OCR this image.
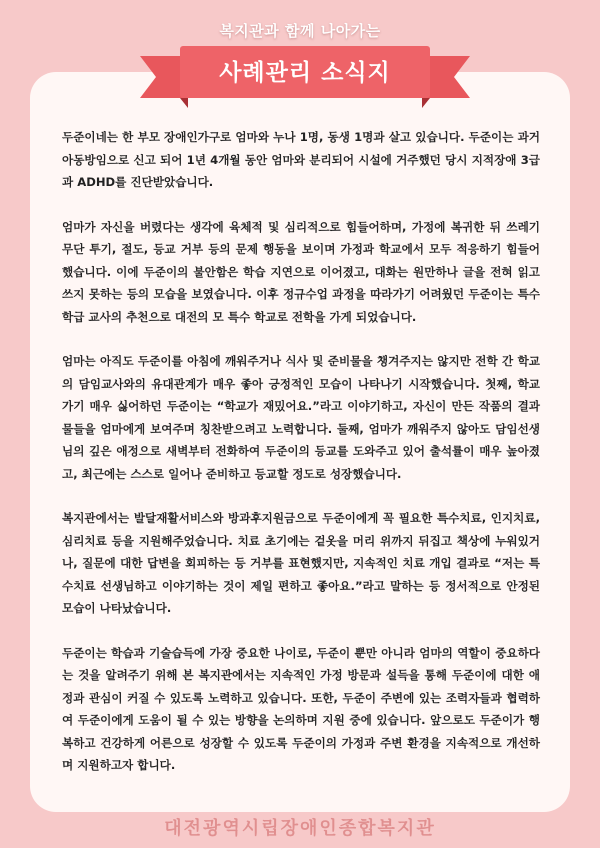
복지관과 함께 나아가는
사례관리 소식지

두준이네는 한 부모 장애인가구로 엄마와 누나 1명, 동생 1명과 살고 있습니다. 두준이는 과거 아동방임으로 신고 되어 1년 4개월 동안 엄마와 분리되어 시설에 거주했던 당시 지적장애 3급과 ADHD를 진단받았습니다.

엄마가 자신을 버렸다는 생각에 육체적 및 심리적으로 힘들어하며, 가정에 복귀한 뒤 쓰레기 무단 투기, 절도, 등교 거부 등의 문제 행동을 보이며 가정과 학교에서 모두 적응하기 힘들어 했습니다. 이에 두준이의 불안함은 학습 지연으로 이어졌고, 대화는 원만하나 글을 전혀 읽고 쓰지 못하는 등의 모습을 보였습니다. 이후 정규수업 과정을 따라가기 어려웠던 두준이는 특수학급 교사의 추천으로 대전의 모 특수 학교로 전학을 가게 되었습니다.

엄마는 아직도 두준이를 아침에 깨워주거나 식사 및 준비물을 챙겨주지는 않지만 전학 간 학교의 담임교사와의 유대관계가 매우 좋아 긍정적인 모습이 나타나기 시작했습니다. 첫째, 학교 가기 매우 싫어하던 두준이는 “학교가 재밌어요.”라고 이야기하고, 자신이 만든 작품의 결과물들을 엄마에게 보여주며 칭찬받으려고 노력합니다. 둘째, 엄마가 깨워주지 않아도 담임선생님의 깊은 애정으로 새벽부터 전화하여 두준이의 등교를 도와주고 있어 출석률이 매우 높아졌고, 최근에는 스스로 일어나 준비하고 등교할 정도로 성장했습니다.

복지관에서는 발달재활서비스와 방과후지원금으로 두준이에게 꼭 필요한 특수치료, 인지치료, 심리치료 등을 지원해주었습니다. 치료 초기에는 겉옷을 머리 위까지 뒤집고 책상에 누워있거나, 질문에 대한 답변을 회피하는 등 거부를 표현했지만, 지속적인 치료 개입 결과로 “저는 특수치료 선생님하고 이야기하는 것이 제일 편하고 좋아요.”라고 말하는 등 정서적으로 안정된 모습이 나타났습니다.

두준이는 학습과 기술습득에 가장 중요한 나이로, 두준이 뿐만 아니라 엄마의 역할이 중요하다는 것을 알려주기 위해 본 복지관에서는 지속적인 가정 방문과 설득을 통해 두준이에 대한 애정과 관심이 커질 수 있도록 노력하고 있습니다. 또한, 두준이 주변에 있는 조력자들과 협력하여 두준이에게 도움이 될 수 있는 방향을 논의하며 지원 중에 있습니다. 앞으로도 두준이가 행복하고 건강하게 어른으로 성장할 수 있도록 두준이의 가정과 주변 환경을 지속적으로 개선하며 지원하고자 합니다.

대전광역시립장애인종합복지관
